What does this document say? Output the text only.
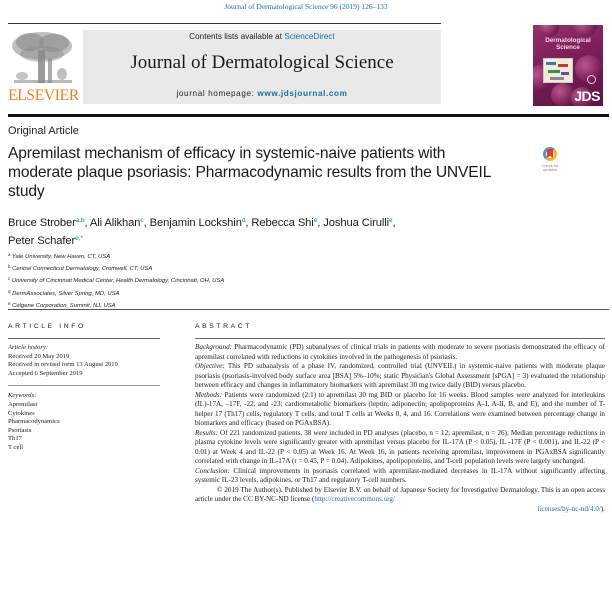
Journal of Dermatological Science 96 (2019) 126–133
ELSEVIER
Contents lists available at ScienceDirect
Journal of Dermatological Science
journal homepage: www.jdsjournal.com
Dermatological
Science
JDS
Original Article
Apremilast mechanism of efficacy in systemic-naive patients with moderate plaque psoriasis: Pharmacodynamic results from the UNVEIL study
Check for
updates
Bruce Strober$^{a,b}$, Ali Alikhan$^c$, Benjamin Lockshin$^d$, Rebecca Shi$^e$, Joshua Cirulli$^e$,
Peter Schafer$^{e,*}$
$^a$ Yale University, New Haven, CT, USA
$^b$ Central Connecticut Dermatology, Cromwell, CT, USA
$^c$ University of Cincinnati Medical Center, Health Dermatology, Cincinnati, OH, USA
$^d$ DermAssociates, Silver Spring, MD, USA
$^e$ Celgene Corporation, Summit, NJ, USA
ARTICLE INFO
Article history:
Received 20 May 2019
Received in revised form 13 August 2019
Accepted 6 September 2019
Keywords:
Apremilast
Cytokines
Pharmacodynamics
Psoriasis
Th17
T cell
ABSTRACT

Background: Pharmacodynamic (PD) subanalyses of clinical trials in patients with moderate to severe psoriasis demonstrated the efficacy of apremilast correlated with reductions in cytokines involved in the pathogenesis of psoriasis.

Objective: This PD subanalysis of a phase IV, randomized, controlled trial (UNVEIL) in systemic-naive patients with moderate plaque psoriasis (psoriasis-involved body surface area [BSA] 5%–10%; static Physician's Global Assessment [sPGA] = 3) evaluated the relationship between efficacy and changes in inflammatory biomarkers with apremilast 30 mg twice daily (BID) versus placebo.

Methods: Patients were randomized (2:1) to apremilast 30 mg BID or placebo for 16 weeks. Blood samples were analyzed for interleukins (IL)-17A, –17F, -22, and -23; cardiometabolic biomarkers (leptin; adiponectin; apolipoproteins A–I, A-II, B, and E); and the number of T-helper 17 (Th17) cells, regulatory T cells, and total T cells at Weeks 0, 4, and 16. Correlations were examined between percentage change in biomarkers and efficacy (based on PGAxBSA).

Results: Of 221 randomized patients, 38 were included in PD analyses (placebo, n = 12; apremilast, n = 26). Median percentage reductions in plasma cytokine levels were significantly greater with apremilast versus placebo for IL-17A (P < 0.05), IL -17F (P < 0.001), and IL-22 (P < 0.01) at Week 4 and IL-22 (P < 0.05) at Week 16. At Week 16, in patients receiving apremilast, improvement in PGAxBSA significantly correlated with change in IL-17A (r = 0.45, P = 0.04). Adipokines, apolipoproteins, and T-cell population levels were largely unchanged.

Conclusion: Clinical improvements in psoriasis correlated with apremilast-mediated decreases in IL-17A without significantly affecting systemic IL-23 levels, adipokines, or Th17 and regulatory T-cell numbers.

© 2019 The Author(s). Published by Elsevier B.V. on behalf of Japanese Society for Investigative Dermatology. This is an open access article under the CC BY-NC-ND license (http://creativecommons.org/

licenses/by-nc-nd/4.0/).
